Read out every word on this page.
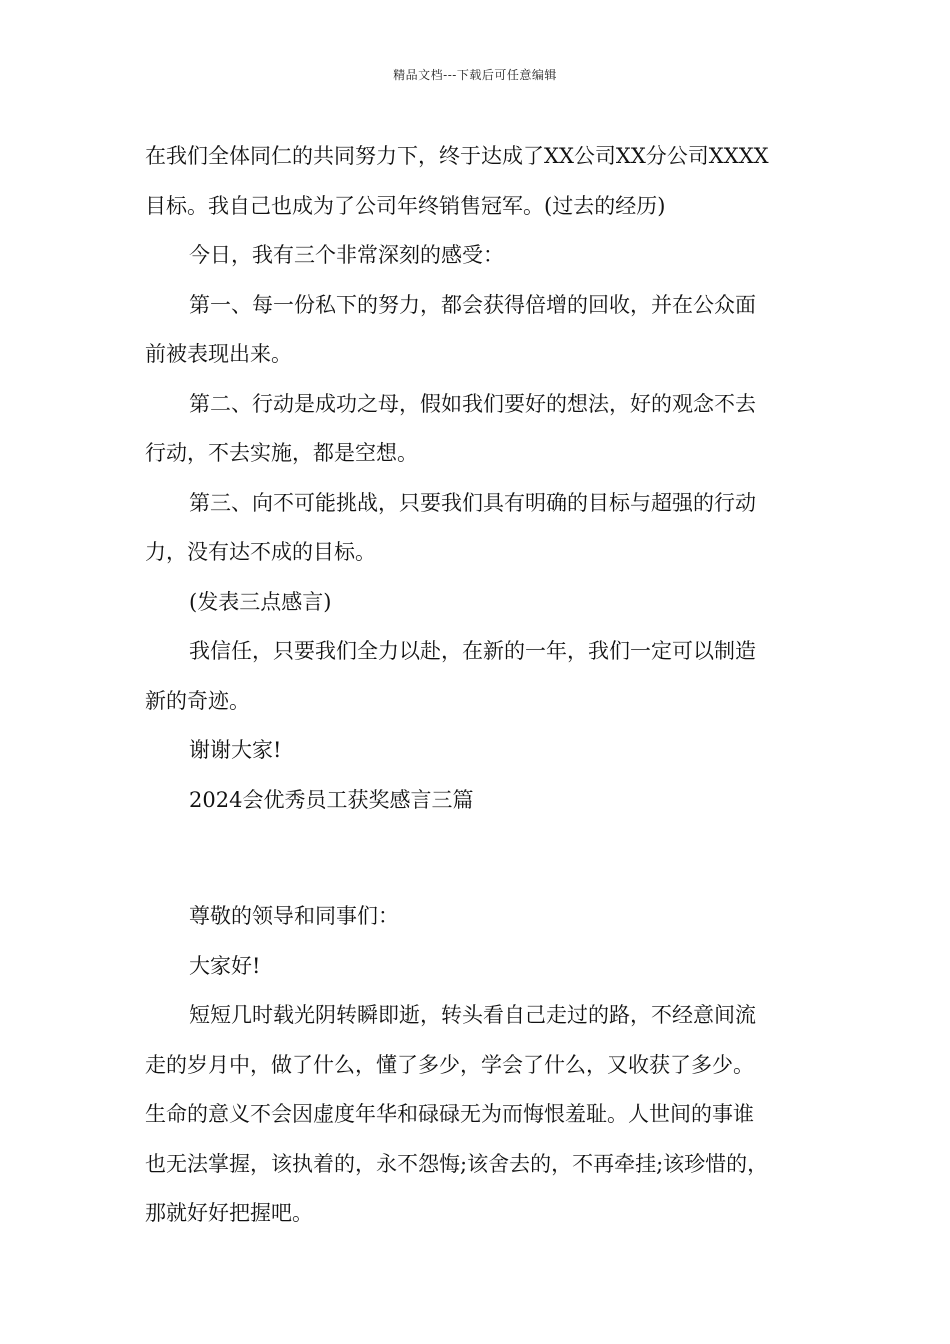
精品文档---下载后可任意编辑

在我们全体同仁的共同努力下，终于达成了XX公司XX分公司XXXX

目标。我自己也成为了公司年终销售冠军。(过去的经历)

今日，我有三个非常深刻的感受：

第一、每一份私下的努力，都会获得倍增的回收，并在公众面

前被表现出来。

第二、行动是成功之母，假如我们要好的想法，好的观念不去

行动，不去实施，都是空想。

第三、向不可能挑战，只要我们具有明确的目标与超强的行动

力，没有达不成的目标。

(发表三点感言)

我信任，只要我们全力以赴，在新的一年，我们一定可以制造

新的奇迹。

谢谢大家!

2024会优秀员工获奖感言三篇

尊敬的领导和同事们：

大家好!

短短几时载光阴转瞬即逝，转头看自己走过的路，不经意间流

走的岁月中，做了什么，懂了多少，学会了什么，又收获了多少。

生命的意义不会因虚度年华和碌碌无为而悔恨羞耻。人世间的事谁

也无法掌握，该执着的，永不怨悔;该舍去的，不再牵挂;该珍惜的，

那就好好把握吧。
